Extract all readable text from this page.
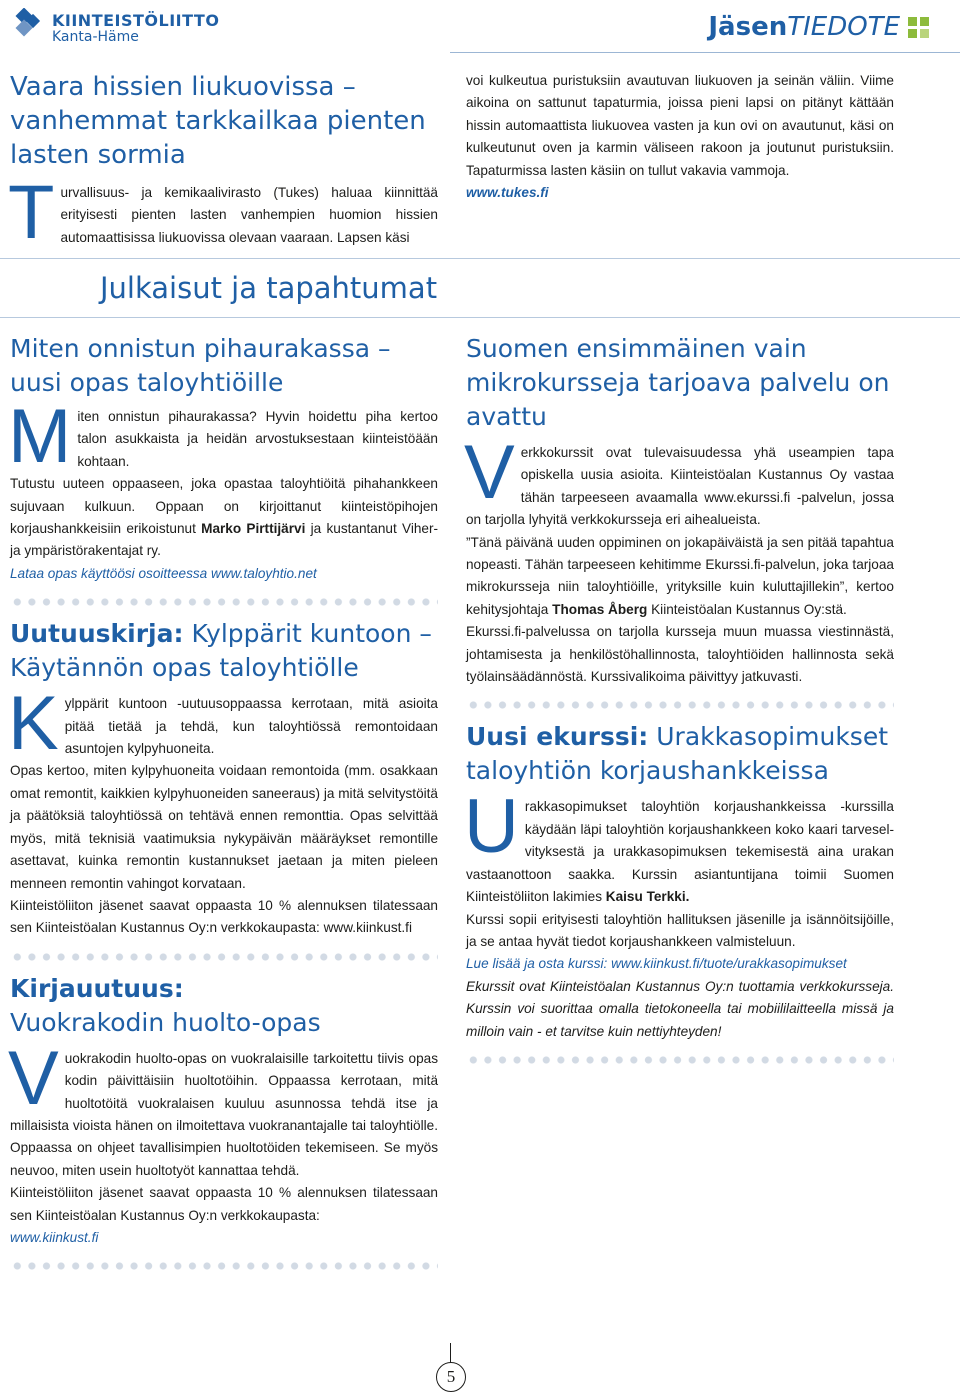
KIINTEISTÖLIITTO
Kanta-Häme	JäsenTIEDOTE
Vaara hissien liukuovissa – vanhemmat tarkkailkaa pienten lasten sormia
Turvallisuus- ja kemikaalivirasto (Tukes) haluaa kiinnittää erityisesti pienten lasten vanhempien huomion hissien automaattisissa liukuovissa olevaan vaaraan. Lapsen käsi
voi kulkeutua puristuksiin avautuvan liukuoven ja seinän väliin. Viime aikoina on sattunut tapaturmia, joissa pieni lapsi on pitänyt kättään hissin automaattista liukuovea vasten ja kun ovi on avautunut, käsi on kulkeutunut oven ja karmin väliseen rakoon ja joutunut puristuksiin. Tapaturmissa lasten käsiin on tullut vakavia vammoja.
www.tukes.fi
Julkaisut ja tapahtumat
Miten onnistun pihaurakassa – uusi opas taloyhtiöille
Miten onnistun pihaurakassa? Hyvin hoidettu piha kertoo talon asukkaista ja heidän arvostuksestaan kiinteistöään kohtaan.
Tutustu uuteen oppaaseen, joka opastaa taloyhtiöitä pihahankkeen sujuvaan kulkuun. Oppaan on kirjoittanut kiinteistöpihojen korjaushankkeisiin erikoistunut Marko Pirttijärvi ja kustantanut Viher- ja ympäristörakentajat ry.
Lataa opas käyttöösi osoitteessa www.taloyhtio.net
Uutuuskirja: Kylppärit kuntoon – Käytännön opas taloyhtiölle
Kylppärit kuntoon -uutuusoppaassa kerrotaan, mitä asioita pitää tietää ja tehdä, kun taloyhtiössä remontoidaan asuntojen kylpyhuoneita.
Opas kertoo, miten kylpyhuoneita voidaan remontoida (mm. osakkaan omat remontit, kaikkien kylpyhuoneiden saneeraus) ja mitä selvitystöitä ja päätöksiä taloyhtiössä on tehtävä ennen remonttia. Opas selvittää myös, mitä teknisiä vaatimuksia nykypäivän määräykset remontille asettavat, kuinka remontin kustannukset jaetaan ja miten pieleen menneen remontin vahingot korvataan.
Kiinteistöliiton jäsenet saavat oppaasta 10 % alennuksen tilatessaan sen Kiinteistöalan Kustannus Oy:n verkkokaupasta: www.kiinkust.fi
Kirjauutuus:
Vuokrakodin huolto-opas
Vuokrakodin huolto-opas on vuokralaisille tarkoitettu tiivis opas kodin päivittäisiin huoltotöihin. Oppaassa kerrotaan, mitä huoltotöitä vuokralaisen kuuluu asunnossa tehdä itse ja millaisista vioista hänen on ilmoitettava vuokranantajalle tai taloyhtiölle. Oppaassa on ohjeet tavallisimpien huoltotöiden tekemiseen. Se myös neuvoo, miten usein huoltotyöt kannattaa tehdä.
Kiinteistöliiton jäsenet saavat oppaasta 10 % alennuksen tilatessaan sen Kiinteistöalan Kustannus Oy:n verkkokaupasta:
www.kiinkust.fi
Suomen ensimmäinen vain mikrokursseja tarjoava palvelu on avattu
Verkkokurssit ovat tulevaisuudessa yhä useampien tapa opiskella uusia asioita. Kiinteistöalan Kustannus Oy vastaa tähän tarpeeseen avaamalla www.ekurssi.fi -palvelun, jossa on tarjolla lyhyitä verkkokursseja eri aihealueista.
”Tänä päivänä uuden oppiminen on jokapäiväistä ja sen pitää tapahtua nopeasti. Tähän tarpeeseen kehitimme Ekurssi.fi-palvelun, joka tarjoaa mikrokursseja niin taloyhtiöille, yrityksille kuin kuluttajillekin”, kertoo kehitysjohtaja Thomas Åberg Kiinteistöalan Kustannus Oy:stä.
Ekurssi.fi-palvelussa on tarjolla kursseja muun muassa viestinnästä, johtamisesta ja henkilöstöhallinnosta, taloyhtiöiden hallinnosta sekä työlainsäädännöstä. Kurssivalikoima päivittyy jatkuvasti.
Uusi ekurssi: Urakkasopimukset taloyhtiön korjaushankkeissa
Urakkasopimukset taloyhtiön korjaushankkeissa -kurssilla käydään läpi taloyhtiön korjaushankkeen koko kaari tarveselvityksestä ja urakkasopimuksen tekemisestä aina urakan vastaanottoon saakka. Kurssin asiantuntijana toimii Suomen Kiinteistöliiton lakimies Kaisu Terkki.
Kurssi sopii erityisesti taloyhtiön hallituksen jäsenille ja isännöitsijöille, ja se antaa hyvät tiedot korjaushankkeen valmisteluun.
Lue lisää ja osta kurssi: www.kiinkust.fi/tuote/urakkasopimukset
Ekurssit ovat Kiinteistöalan Kustannus Oy:n tuottamia verkkokursseja. Kurssin voi suorittaa omalla tietokoneella tai mobiililaitteella missä ja milloin vain - et tarvitse kuin nettiyhteyden!
5
